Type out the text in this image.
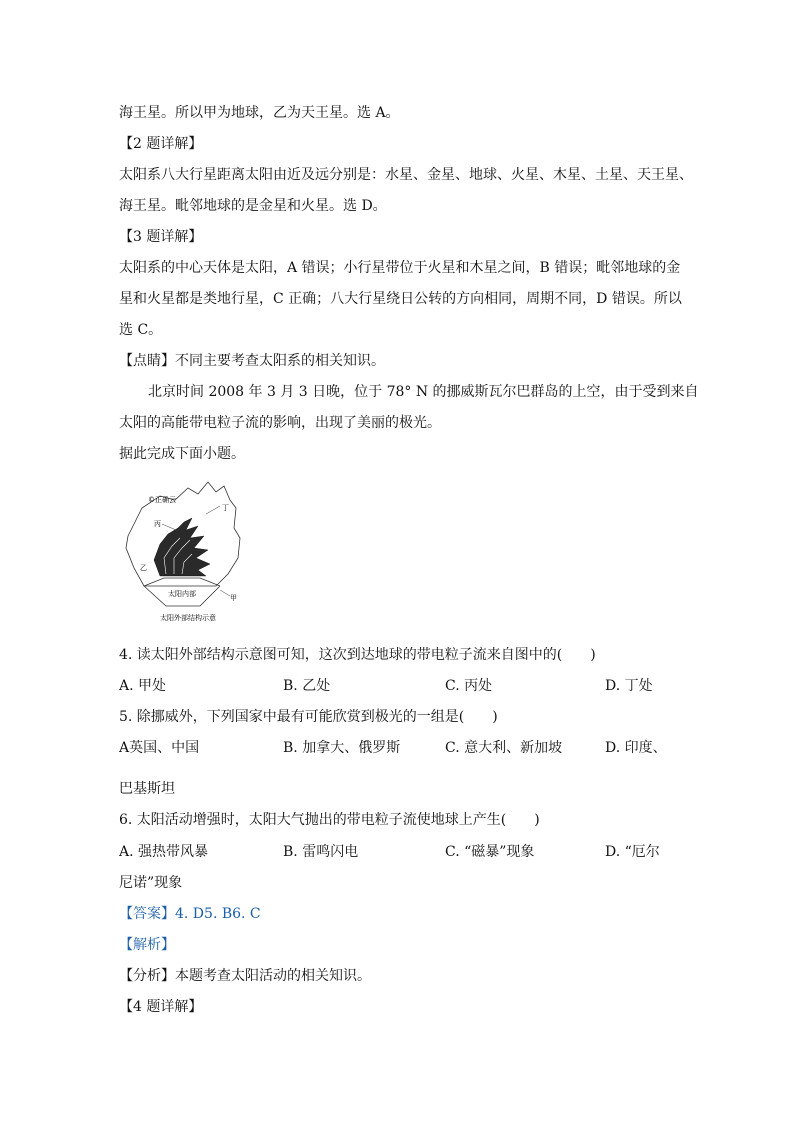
海王星。所以甲为地球，乙为天王星。选 A。
【2 题详解】
太阳系八大行星距离太阳由近及远分别是：水星、金星、地球、火星、木星、土星、天王星、
海王星。毗邻地球的是金星和火星。选 D。
【3 题详解】
太阳系的中心天体是太阳，A 错误；小行星带位于火星和木星之间，B 错误；毗邻地球的金
星和火星都是类地行星，C 正确；八大行星绕日公转的方向相同，周期不同，D 错误。所以
选 C。
【点睛】不同主要考查太阳系的相关知识。
北京时间 2008 年 3 月 3 日晚，位于 78° N 的挪威斯瓦尔巴群岛的上空，由于受到来自
太阳的高能带电粒子流的影响，出现了美丽的极光。
据此完成下面小题。
©正确云
丁
丙
乙
甲
太阳内部
太阳外部结构示意
4. 读太阳外部结构示意图可知，这次到达地球的带电粒子流来自图中的(　　)
A. 甲处	B. 乙处	C. 丙处	D. 丁处
5. 除挪威外，下列国家中最有可能欣赏到极光的一组是(　　)
A英国、中国	B. 加拿大、俄罗斯	C. 意大利、新加坡	D. 印度、
巴基斯坦
6. 太阳活动增强时，太阳大气抛出的带电粒子流使地球上产生(　　)
A. 强热带风暴	B. 雷鸣闪电	C. “磁暴”现象	D. “厄尔
尼诺”现象
【答案】4. D5. B6. C
【解析】
【分析】本题考查太阳活动的相关知识。
【4 题详解】
